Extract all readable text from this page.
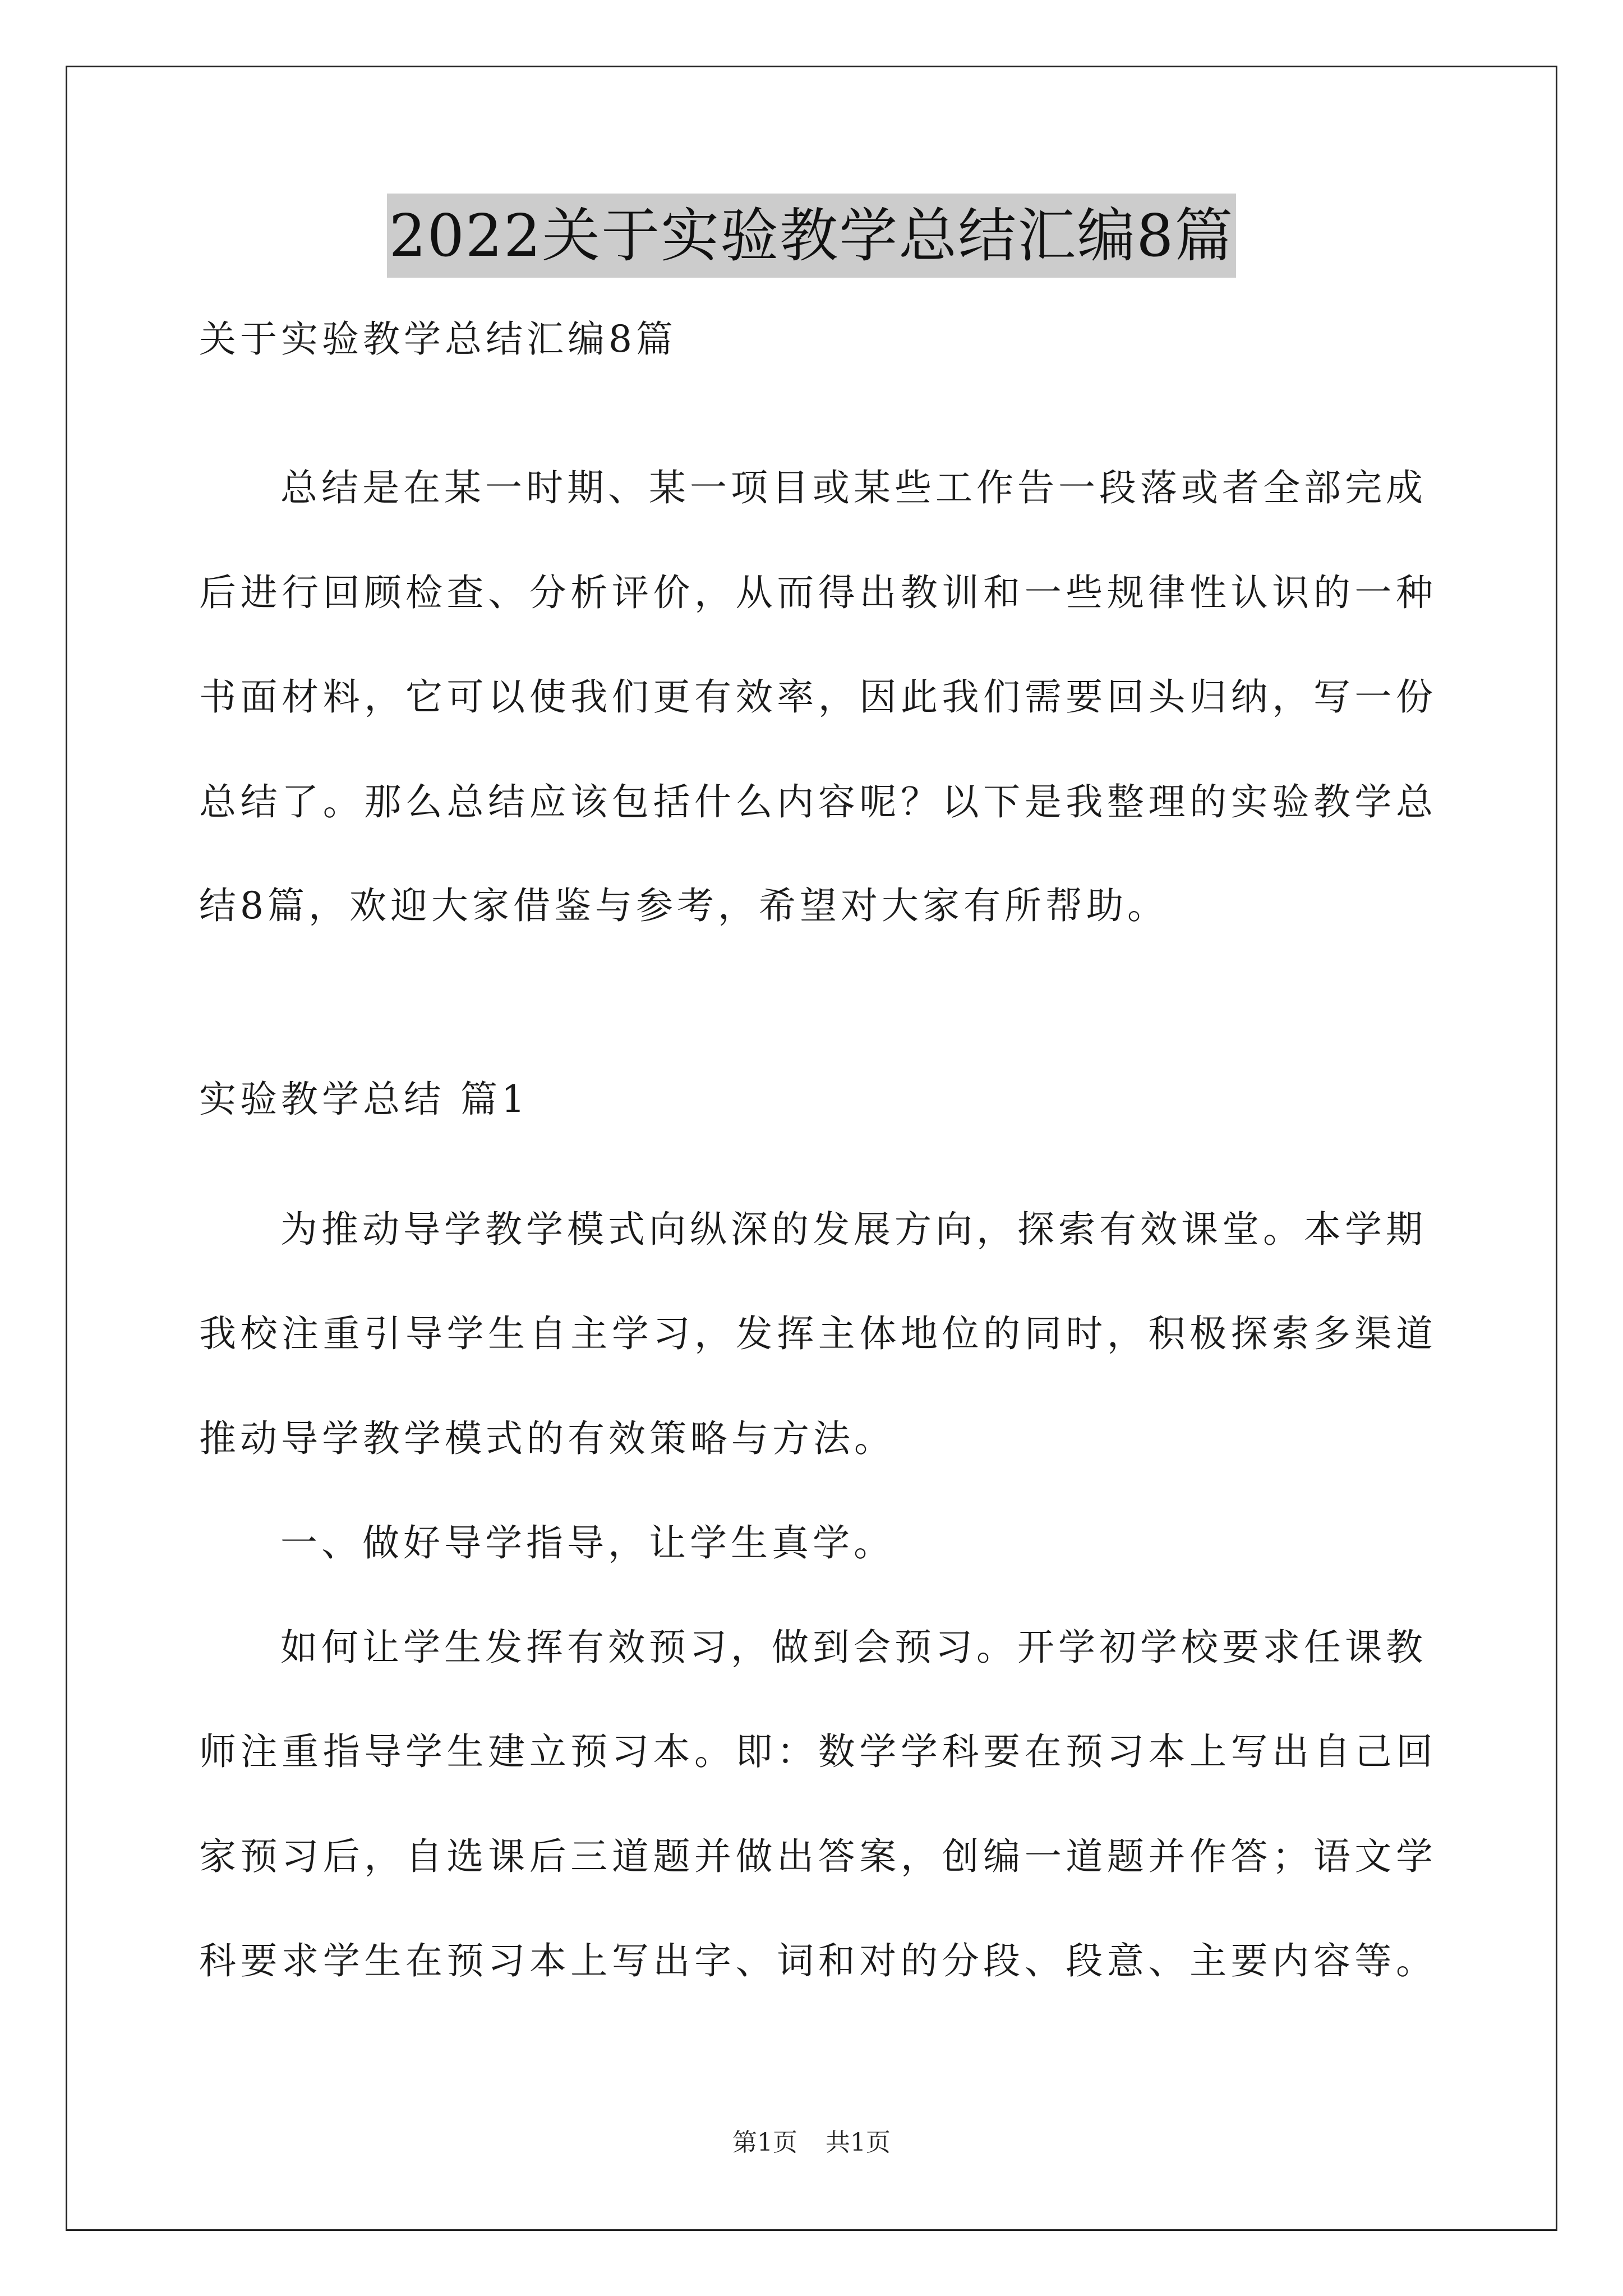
2022关于实验教学总结汇编8篇
关于实验教学总结汇编8篇
总结是在某一时期、某一项目或某些工作告一段落或者全部完成
后进行回顾检查、分析评价，从而得出教训和一些规律性认识的一种
书面材料，它可以使我们更有效率，因此我们需要回头归纳，写一份
总结了。那么总结应该包括什么内容呢？以下是我整理的实验教学总
结8篇，欢迎大家借鉴与参考，希望对大家有所帮助。
实验教学总结 篇1
为推动导学教学模式向纵深的发展方向，探索有效课堂。本学期
我校注重引导学生自主学习，发挥主体地位的同时，积极探索多渠道
推动导学教学模式的有效策略与方法。
一、做好导学指导，让学生真学。
如何让学生发挥有效预习，做到会预习。开学初学校要求任课教
师注重指导学生建立预习本。即：数学学科要在预习本上写出自己回
家预习后，自选课后三道题并做出答案，创编一道题并作答；语文学
科要求学生在预习本上写出字、词和对的分段、段意、主要内容等。
第1页 共1页
